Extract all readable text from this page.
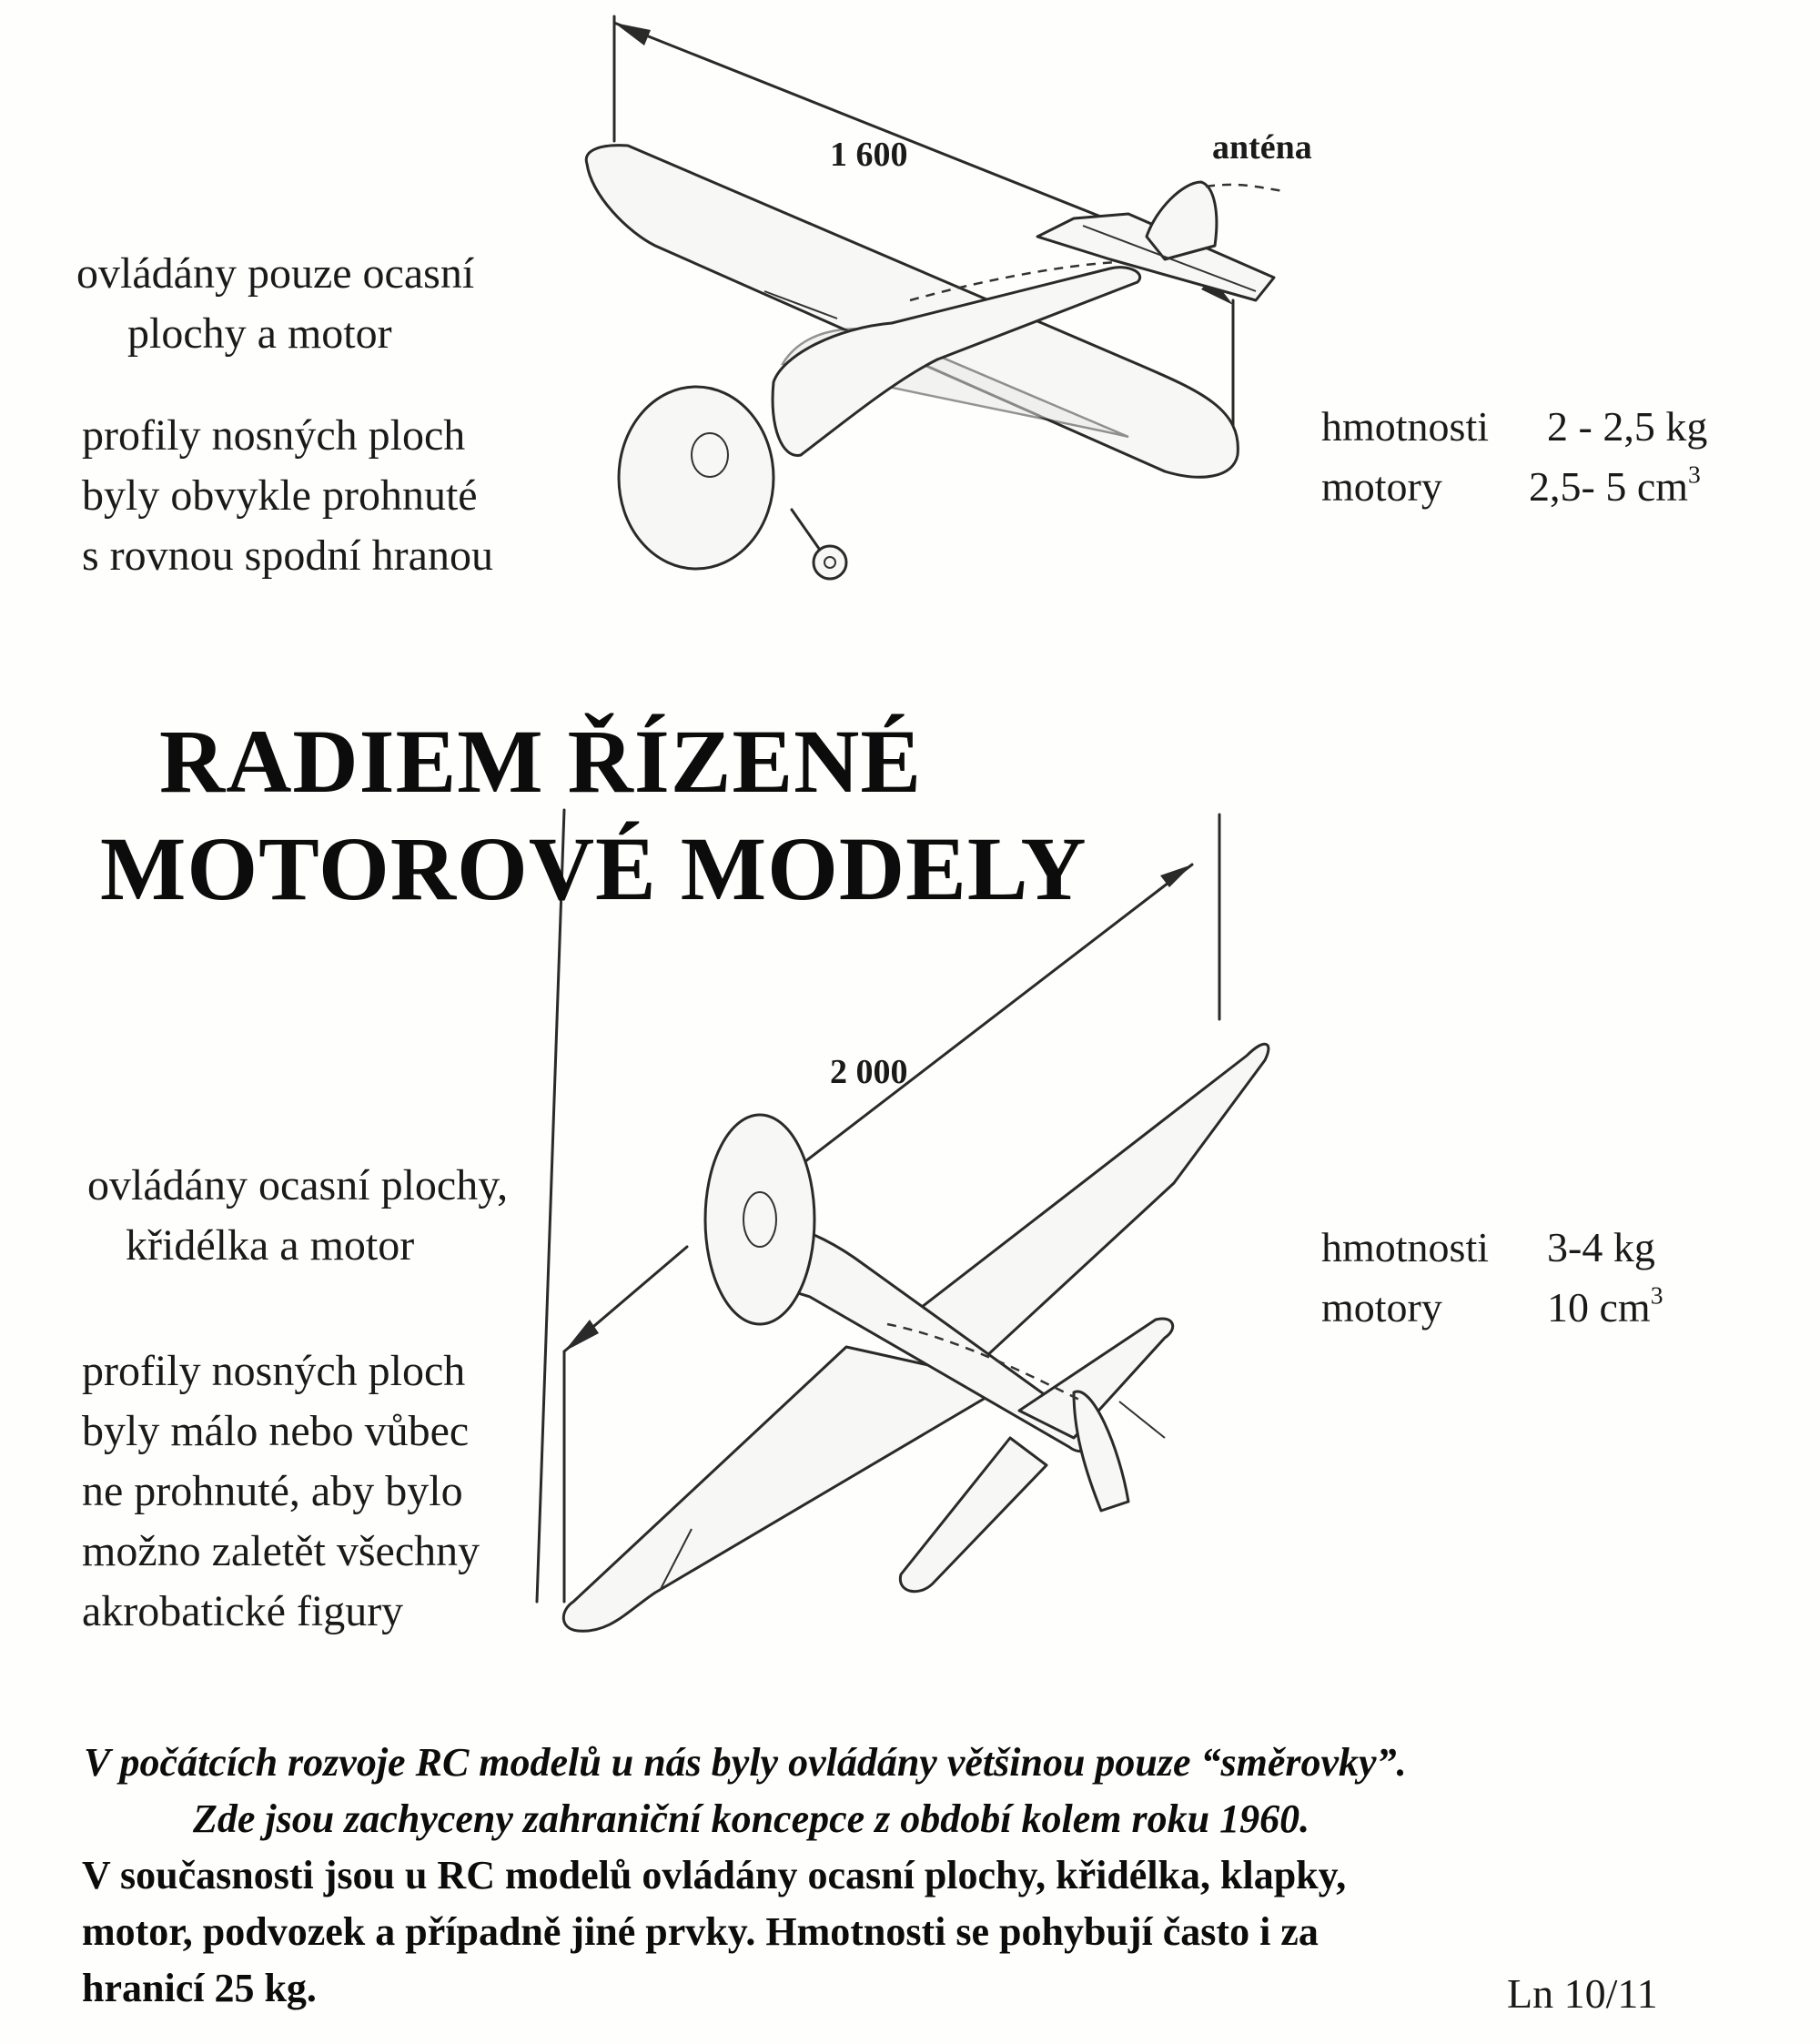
1 600	anténa
ovládány pouze ocasní
plochy a motor
profily nosných ploch
byly obvykle prohnuté
s rovnou spodní hranou
hmotnosti 2 - 2,5 kg
motory 2,5- 5 $cm^3$
RADIEM ŘÍZENÉ
MOTOROVÉ MODELY
2 000
ovládány ocasní plochy,
křidélka a motor
profily nosných ploch
byly málo nebo vůbec
ne prohnuté, aby bylo
možno zaletět všechny
akrobatické figury
hmotnosti 3-4 kg
motory	10 $cm^3$
V počátcích rozvoje RC modelů u nás byly ovládány většinou pouze “směrovky”.
Zde jsou zachyceny zahraniční koncepce z období kolem roku 1960.
V současnosti jsou u RC modelů ovládány ocasní plochy, křidélka, klapky,
motor, podvozek a případně jiné prvky. Hmotnosti se pohybují často i za
hranicí 25 kg.	Ln 10/11
